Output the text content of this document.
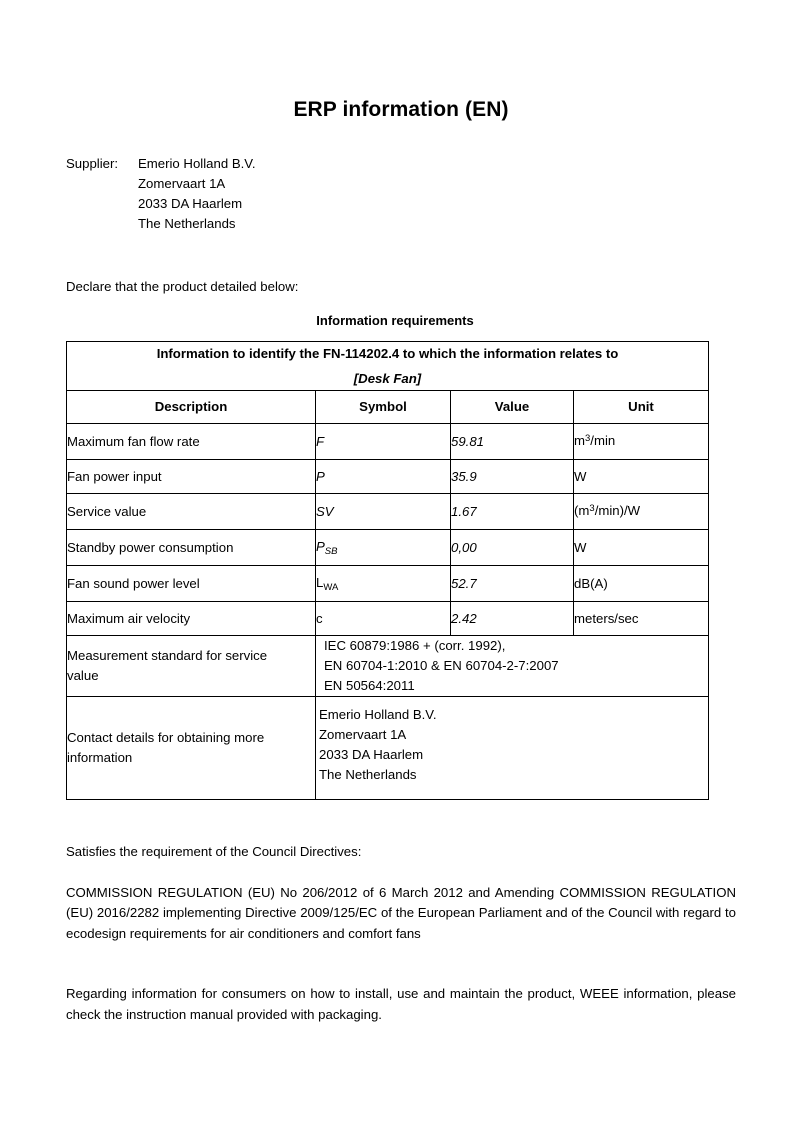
ERP information (EN)
Supplier:	Emerio Holland B.V.
Zomervaart 1A
2033 DA Haarlem
The Netherlands
Declare that the product detailed below:
Information requirements
Information to identify the FN-114202.4 to which the information relates to
[Desk Fan]			

Description	Symbol	Value	Unit
Maximum fan flow rate	F	59.81	$m^3/\min$
Fan power input	P	35.9	W
Service value	SV	1.67	$(m^3/\min)/W$
Standby power consumption	$P_{SB}$	0,00	W
Fan sound power level	$L_{WA}$	52.7	dB(A)
Maximum air velocity	c	2.42	meters/sec

Measurement standard for service
value

IEC 60879:1986 + (corr. 1992),
EN 60704-1:2010 & EN 60704-2-7:2007
EN 50564:2011

Contact details for obtaining more
information

Emerio Holland B.V.
Zomervaart 1A
2033 DA Haarlem
The Netherlands

Satisfies the requirement of the Council Directives:

COMMISSION REGULATION (EU) No 206/2012 of 6 March 2012 and Amending COMMISSION REGULATION (EU) 2016/2282 implementing Directive 2009/125/EC of the European Parliament and of the Council with regard to ecodesign requirements for air conditioners and comfort fans

Regarding information for consumers on how to install, use and maintain the product, WEEE information, please check the instruction manual provided with packaging.
